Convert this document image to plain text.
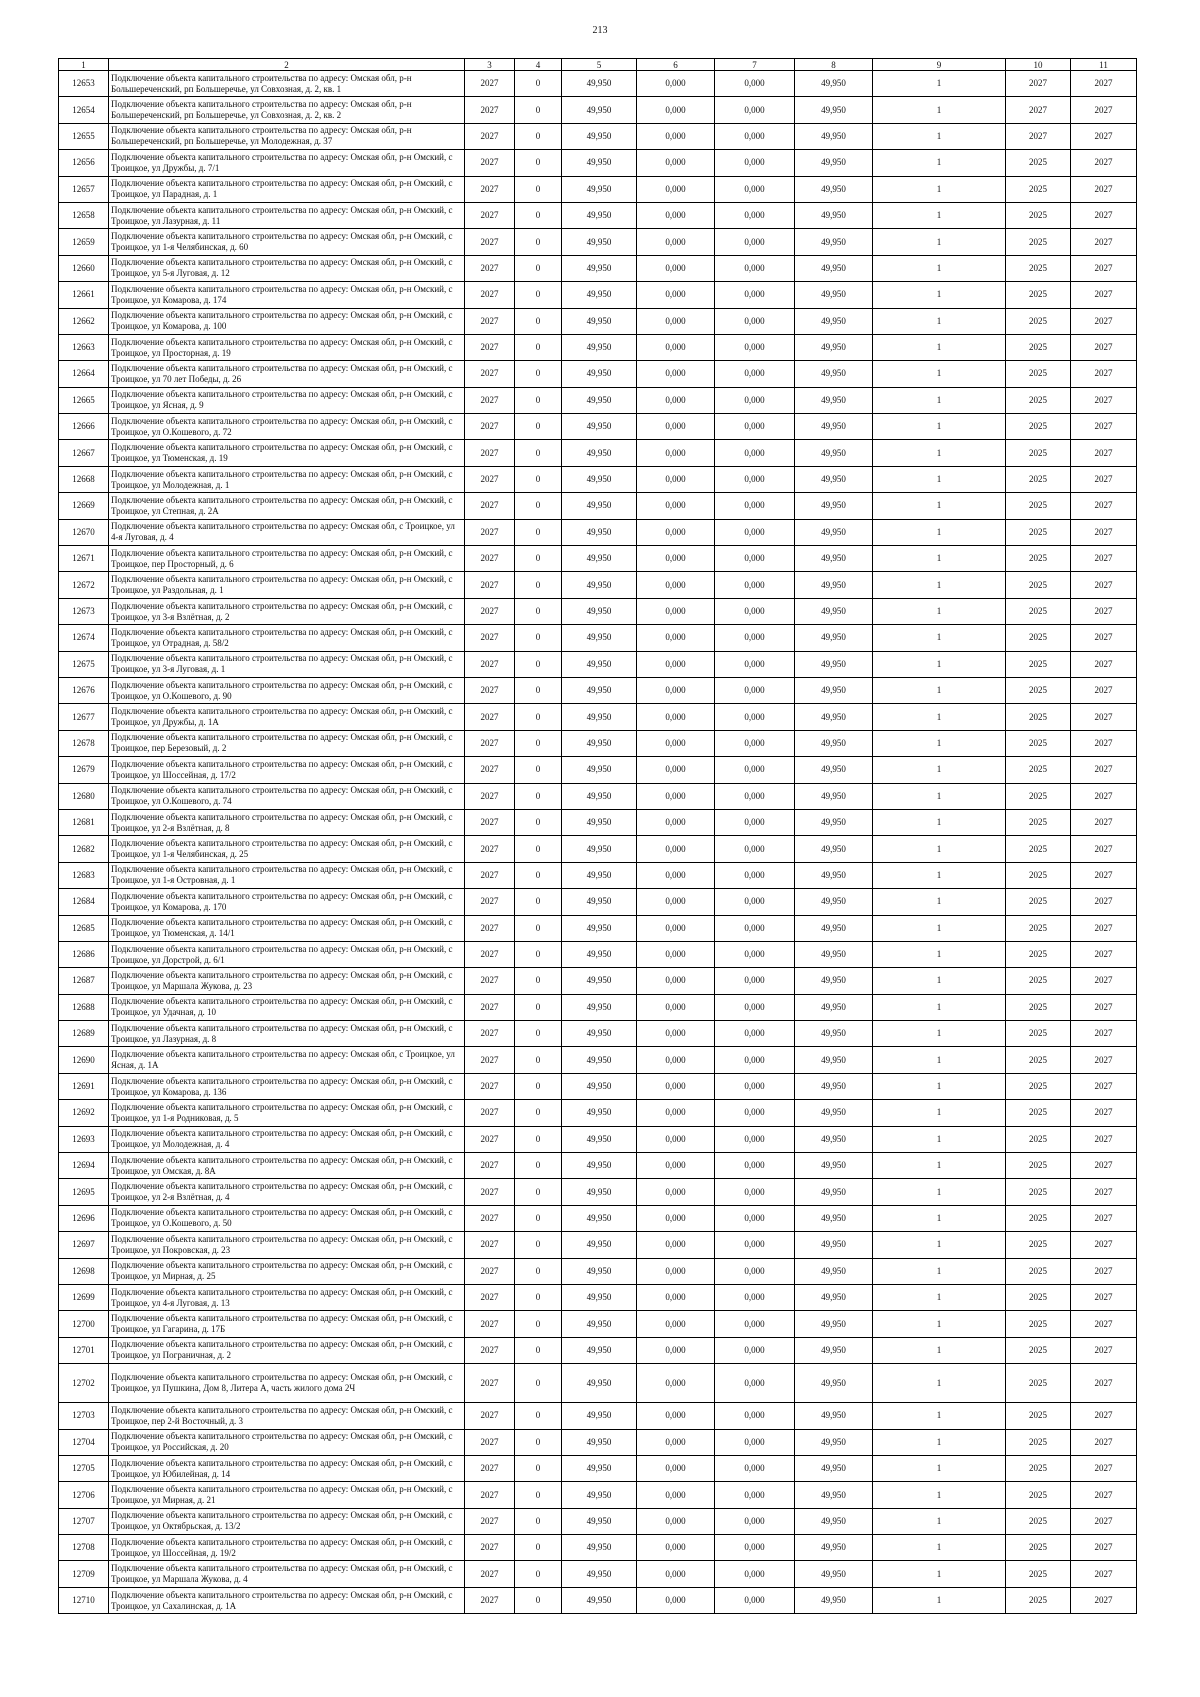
213
1	2	3	4	5	6	7	8	9	10	11
12653	Подключение объекта капитального строительства по адресу: Омская обл, р-н Большереченский, рп Большеречье, ул Совхозная, д. 2, кв. 1	2027	0	49,950	0,000	0,000	49,950	1	2027	2027
12654	Подключение объекта капитального строительства по адресу: Омская обл, р-н Большереченский, рп Большеречье, ул Совхозная, д. 2, кв. 2	2027	0	49,950	0,000	0,000	49,950	1	2027	2027
12655	Подключение объекта капитального строительства по адресу: Омская обл, р-н Большереченский, рп Большеречье, ул Молодежная, д. 37	2027	0	49,950	0,000	0,000	49,950	1	2027	2027
12656	Подключение объекта капитального строительства по адресу: Омская обл, р-н Омский, с Троицкое, ул Дружбы, д. 7/1	2027	0	49,950	0,000	0,000	49,950	1	2025	2027
12657	Подключение объекта капитального строительства по адресу: Омская обл, р-н Омский, с Троицкое, ул Парадная, д. 1	2027	0	49,950	0,000	0,000	49,950	1	2025	2027
12658	Подключение объекта капитального строительства по адресу: Омская обл, р-н Омский, с Троицкое, ул Лазурная, д. 11	2027	0	49,950	0,000	0,000	49,950	1	2025	2027
12659	Подключение объекта капитального строительства по адресу: Омская обл, р-н Омский, с Троицкое, ул 1-я Челябинская, д. 60	2027	0	49,950	0,000	0,000	49,950	1	2025	2027
12660	Подключение объекта капитального строительства по адресу: Омская обл, р-н Омский, с Троицкое, ул 5-я Луговая, д. 12	2027	0	49,950	0,000	0,000	49,950	1	2025	2027
12661	Подключение объекта капитального строительства по адресу: Омская обл, р-н Омский, с Троицкое, ул Комарова, д. 174	2027	0	49,950	0,000	0,000	49,950	1	2025	2027
12662	Подключение объекта капитального строительства по адресу: Омская обл, р-н Омский, с Троицкое, ул Комарова, д. 100	2027	0	49,950	0,000	0,000	49,950	1	2025	2027
12663	Подключение объекта капитального строительства по адресу: Омская обл, р-н Омский, с Троицкое, ул Просторная, д. 19	2027	0	49,950	0,000	0,000	49,950	1	2025	2027
12664	Подключение объекта капитального строительства по адресу: Омская обл, р-н Омский, с Троицкое, ул 70 лет Победы, д. 26	2027	0	49,950	0,000	0,000	49,950	1	2025	2027
12665	Подключение объекта капитального строительства по адресу: Омская обл, р-н Омский, с Троицкое, ул Ясная, д. 9	2027	0	49,950	0,000	0,000	49,950	1	2025	2027
12666	Подключение объекта капитального строительства по адресу: Омская обл, р-н Омский, с Троицкое, ул О.Кошевого, д. 72	2027	0	49,950	0,000	0,000	49,950	1	2025	2027
12667	Подключение объекта капитального строительства по адресу: Омская обл, р-н Омский, с Троицкое, ул Тюменская, д. 19	2027	0	49,950	0,000	0,000	49,950	1	2025	2027
12668	Подключение объекта капитального строительства по адресу: Омская обл, р-н Омский, с Троицкое, ул Молодежная, д. 1	2027	0	49,950	0,000	0,000	49,950	1	2025	2027
12669	Подключение объекта капитального строительства по адресу: Омская обл, р-н Омский, с Троицкое, ул Степная, д. 2А	2027	0	49,950	0,000	0,000	49,950	1	2025	2027
12670	Подключение объекта капитального строительства по адресу: Омская обл, с Троицкое, ул 4-я Луговая, д. 4	2027	0	49,950	0,000	0,000	49,950	1	2025	2027
12671	Подключение объекта капитального строительства по адресу: Омская обл, р-н Омский, с Троицкое, пер Просторный, д. 6	2027	0	49,950	0,000	0,000	49,950	1	2025	2027
12672	Подключение объекта капитального строительства по адресу: Омская обл, р-н Омский, с Троицкое, ул Раздольная, д. 1	2027	0	49,950	0,000	0,000	49,950	1	2025	2027
12673	Подключение объекта капитального строительства по адресу: Омская обл, р-н Омский, с Троицкое, ул 3-я Взлётная, д. 2	2027	0	49,950	0,000	0,000	49,950	1	2025	2027
12674	Подключение объекта капитального строительства по адресу: Омская обл, р-н Омский, с Троицкое, ул Отрадная, д. 58/2	2027	0	49,950	0,000	0,000	49,950	1	2025	2027
12675	Подключение объекта капитального строительства по адресу: Омская обл, р-н Омский, с Троицкое, ул 3-я Луговая, д. 1	2027	0	49,950	0,000	0,000	49,950	1	2025	2027
12676	Подключение объекта капитального строительства по адресу: Омская обл, р-н Омский, с Троицкое, ул О.Кошевого, д. 90	2027	0	49,950	0,000	0,000	49,950	1	2025	2027
12677	Подключение объекта капитального строительства по адресу: Омская обл, р-н Омский, с Троицкое, ул Дружбы, д. 1А	2027	0	49,950	0,000	0,000	49,950	1	2025	2027
12678	Подключение объекта капитального строительства по адресу: Омская обл, р-н Омский, с Троицкое, пер Березовый, д. 2	2027	0	49,950	0,000	0,000	49,950	1	2025	2027
12679	Подключение объекта капитального строительства по адресу: Омская обл, р-н Омский, с Троицкое, ул Шоссейная, д. 17/2	2027	0	49,950	0,000	0,000	49,950	1	2025	2027
12680	Подключение объекта капитального строительства по адресу: Омская обл, р-н Омский, с Троицкое, ул О.Кошевого, д. 74	2027	0	49,950	0,000	0,000	49,950	1	2025	2027
12681	Подключение объекта капитального строительства по адресу: Омская обл, р-н Омский, с Троицкое, ул 2-я Взлётная, д. 8	2027	0	49,950	0,000	0,000	49,950	1	2025	2027
12682	Подключение объекта капитального строительства по адресу: Омская обл, р-н Омский, с Троицкое, ул 1-я Челябинская, д. 25	2027	0	49,950	0,000	0,000	49,950	1	2025	2027
12683	Подключение объекта капитального строительства по адресу: Омская обл, р-н Омский, с Троицкое, ул 1-я Островная, д. 1	2027	0	49,950	0,000	0,000	49,950	1	2025	2027
12684	Подключение объекта капитального строительства по адресу: Омская обл, р-н Омский, с Троицкое, ул Комарова, д. 170	2027	0	49,950	0,000	0,000	49,950	1	2025	2027
12685	Подключение объекта капитального строительства по адресу: Омская обл, р-н Омский, с Троицкое, ул Тюменская, д. 14/1	2027	0	49,950	0,000	0,000	49,950	1	2025	2027
12686	Подключение объекта капитального строительства по адресу: Омская обл, р-н Омский, с Троицкое, ул Дорстрой, д. 6/1	2027	0	49,950	0,000	0,000	49,950	1	2025	2027
12687	Подключение объекта капитального строительства по адресу: Омская обл, р-н Омский, с Троицкое, ул Маршала Жукова, д. 23	2027	0	49,950	0,000	0,000	49,950	1	2025	2027
12688	Подключение объекта капитального строительства по адресу: Омская обл, р-н Омский, с Троицкое, ул Удачная, д. 10	2027	0	49,950	0,000	0,000	49,950	1	2025	2027
12689	Подключение объекта капитального строительства по адресу: Омская обл, р-н Омский, с Троицкое, ул Лазурная, д. 8	2027	0	49,950	0,000	0,000	49,950	1	2025	2027
12690	Подключение объекта капитального строительства по адресу: Омская обл, с Троицкое, ул Ясная, д. 1А	2027	0	49,950	0,000	0,000	49,950	1	2025	2027
12691	Подключение объекта капитального строительства по адресу: Омская обл, р-н Омский, с Троицкое, ул Комарова, д. 136	2027	0	49,950	0,000	0,000	49,950	1	2025	2027
12692	Подключение объекта капитального строительства по адресу: Омская обл, р-н Омский, с Троицкое, ул 1-я Родниковая, д. 5	2027	0	49,950	0,000	0,000	49,950	1	2025	2027
12693	Подключение объекта капитального строительства по адресу: Омская обл, р-н Омский, с Троицкое, ул Молодежная, д. 4	2027	0	49,950	0,000	0,000	49,950	1	2025	2027
12694	Подключение объекта капитального строительства по адресу: Омская обл, р-н Омский, с Троицкое, ул Омская, д. 8А	2027	0	49,950	0,000	0,000	49,950	1	2025	2027
12695	Подключение объекта капитального строительства по адресу: Омская обл, р-н Омский, с Троицкое, ул 2-я Взлётная, д. 4	2027	0	49,950	0,000	0,000	49,950	1	2025	2027
12696	Подключение объекта капитального строительства по адресу: Омская обл, р-н Омский, с Троицкое, ул О.Кошевого, д. 50	2027	0	49,950	0,000	0,000	49,950	1	2025	2027
12697	Подключение объекта капитального строительства по адресу: Омская обл, р-н Омский, с Троицкое, ул Покровская, д. 23	2027	0	49,950	0,000	0,000	49,950	1	2025	2027
12698	Подключение объекта капитального строительства по адресу: Омская обл, р-н Омский, с Троицкое, ул Мирная, д. 25	2027	0	49,950	0,000	0,000	49,950	1	2025	2027
12699	Подключение объекта капитального строительства по адресу: Омская обл, р-н Омский, с Троицкое, ул 4-я Луговая, д. 13	2027	0	49,950	0,000	0,000	49,950	1	2025	2027
12700	Подключение объекта капитального строительства по адресу: Омская обл, р-н Омский, с Троицкое, ул Гагарина, д. 17Б	2027	0	49,950	0,000	0,000	49,950	1	2025	2027
12701	Подключение объекта капитального строительства по адресу: Омская обл, р-н Омский, с Троицкое, ул Пограничная, д. 2	2027	0	49,950	0,000	0,000	49,950	1	2025	2027
12702	Подключение объекта капитального строительства по адресу: Омская обл, р-н Омский, с Троицкое, ул Пушкина, Дом 8, Литера А, часть жилого дома 2Ч	2027	0	49,950	0,000	0,000	49,950	1	2025	2027
12703	Подключение объекта капитального строительства по адресу: Омская обл, р-н Омский, с Троицкое, пер 2-й Восточный, д. 3	2027	0	49,950	0,000	0,000	49,950	1	2025	2027
12704	Подключение объекта капитального строительства по адресу: Омская обл, р-н Омский, с Троицкое, ул Российская, д. 20	2027	0	49,950	0,000	0,000	49,950	1	2025	2027
12705	Подключение объекта капитального строительства по адресу: Омская обл, р-н Омский, с Троицкое, ул Юбилейная, д. 14	2027	0	49,950	0,000	0,000	49,950	1	2025	2027
12706	Подключение объекта капитального строительства по адресу: Омская обл, р-н Омский, с Троицкое, ул Мирная, д. 21	2027	0	49,950	0,000	0,000	49,950	1	2025	2027
12707	Подключение объекта капитального строительства по адресу: Омская обл, р-н Омский, с Троицкое, ул Октябрьская, д. 13/2	2027	0	49,950	0,000	0,000	49,950	1	2025	2027
12708	Подключение объекта капитального строительства по адресу: Омская обл, р-н Омский, с Троицкое, ул Шоссейная, д. 19/2	2027	0	49,950	0,000	0,000	49,950	1	2025	2027
12709	Подключение объекта капитального строительства по адресу: Омская обл, р-н Омский, с Троицкое, ул Маршала Жукова, д. 4	2027	0	49,950	0,000	0,000	49,950	1	2025	2027
12710	Подключение объекта капитального строительства по адресу: Омская обл, р-н Омский, с Троицкое, ул Сахалинская, д. 1А	2027	0	49,950	0,000	0,000	49,950	1	2025	2027
